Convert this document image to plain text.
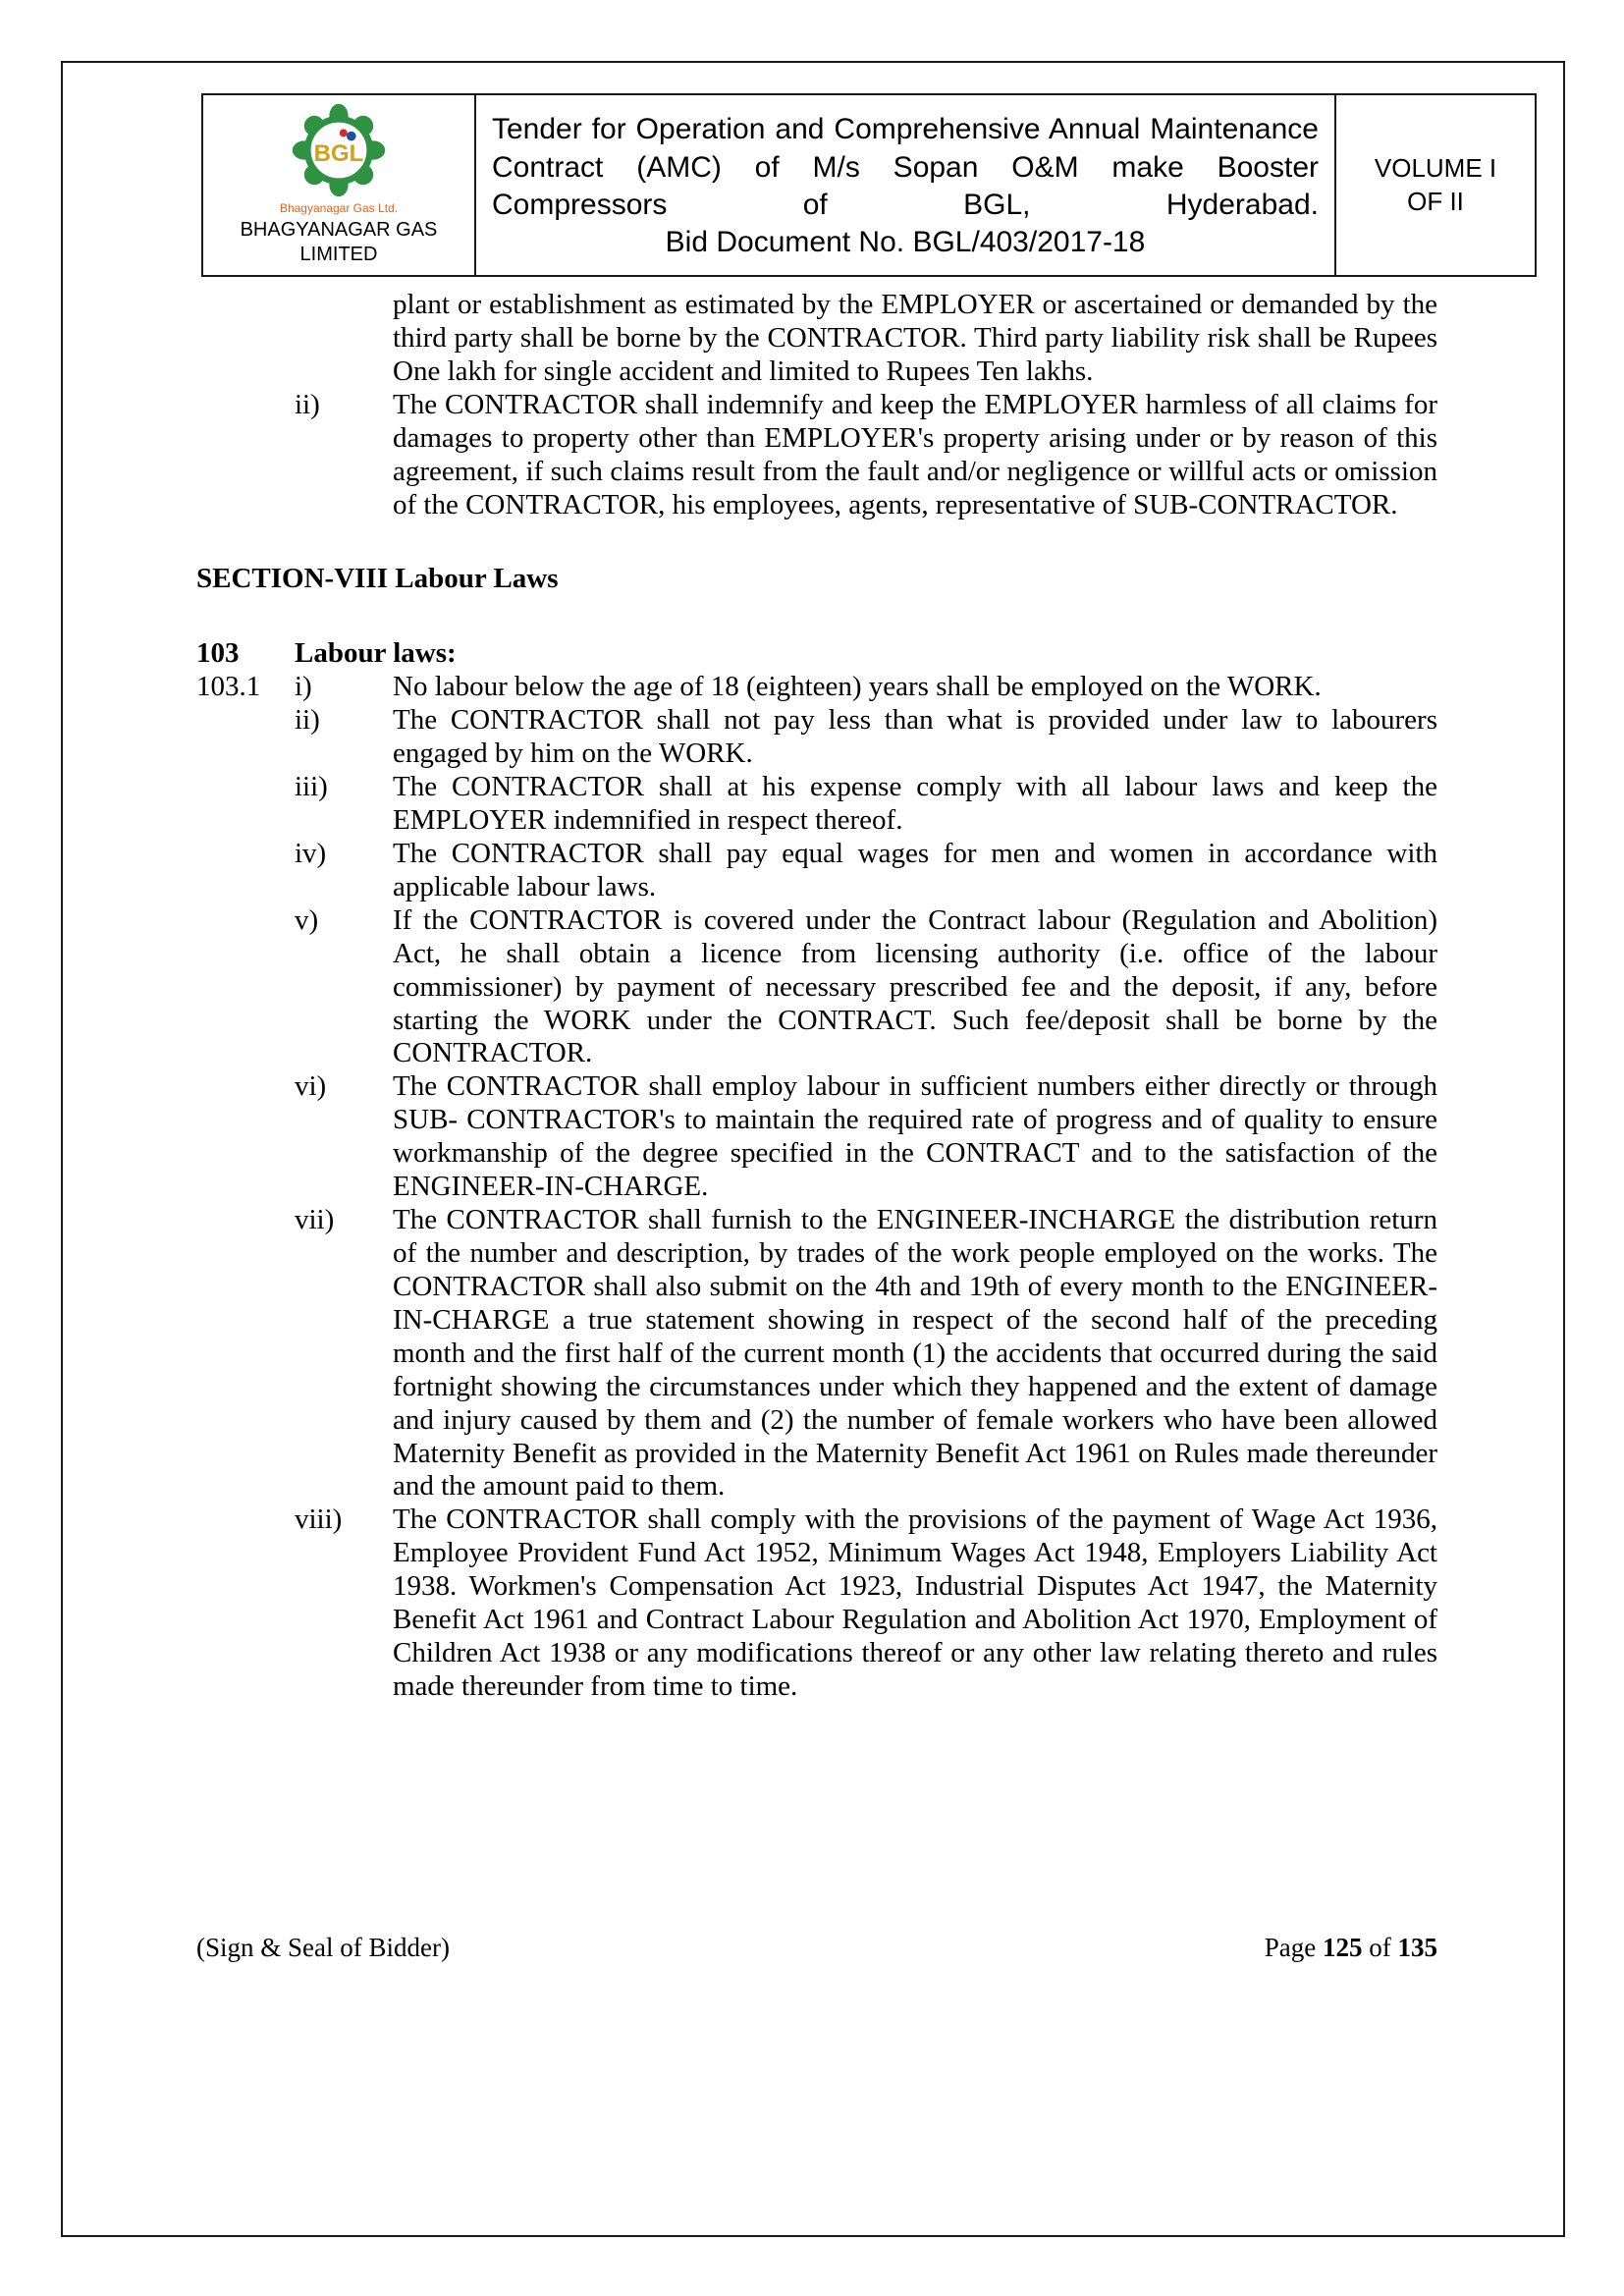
BGL
Bhagyanagar Gas Ltd.
BHAGYANAGAR GAS LIMITED

Tender for Operation and Comprehensive Annual Maintenance Contract (AMC) of M/s Sopan O&M make Booster Compressors of BGL, Hyderabad.
Bid Document No. BGL/403/2017-18

VOLUME I
OF II
plant or establishment as estimated by the EMPLOYER or ascertained or demanded by the third party shall be borne by the CONTRACTOR. Third party liability risk shall be Rupees One lakh for single accident and limited to Rupees Ten lakhs.
ii)	The CONTRACTOR shall indemnify and keep the EMPLOYER harmless of all claims for damages to property other than EMPLOYER's property arising under or by reason of this agreement, if such claims result from the fault and/or negligence or willful acts or omission of the CONTRACTOR, his employees, agents, representative of SUB-CONTRACTOR.
SECTION-VIII Labour Laws
103	Labour laws:
103.1	i)	No labour below the age of 18 (eighteen) years shall be employed on the WORK.
ii)	The CONTRACTOR shall not pay less than what is provided under law to labourers engaged by him on the WORK.
iii)	The CONTRACTOR shall at his expense comply with all labour laws and keep the EMPLOYER indemnified in respect thereof.
iv)	The CONTRACTOR shall pay equal wages for men and women in accordance with applicable labour laws.
v)	If the CONTRACTOR is covered under the Contract labour (Regulation and Abolition) Act, he shall obtain a licence from licensing authority (i.e. office of the labour commissioner) by payment of necessary prescribed fee and the deposit, if any, before starting the WORK under the CONTRACT. Such fee/deposit shall be borne by the CONTRACTOR.
vi)	The CONTRACTOR shall employ labour in sufficient numbers either directly or through SUB- CONTRACTOR's to maintain the required rate of progress and of quality to ensure workmanship of the degree specified in the CONTRACT and to the satisfaction of the ENGINEER-IN-CHARGE.
vii)	The CONTRACTOR shall furnish to the ENGINEER-INCHARGE the distribution return of the number and description, by trades of the work people employed on the works. The CONTRACTOR shall also submit on the 4th and 19th of every month to the ENGINEER-IN-CHARGE a true statement showing in respect of the second half of the preceding month and the first half of the current month (1) the accidents that occurred during the said fortnight showing the circumstances under which they happened and the extent of damage and injury caused by them and (2) the number of female workers who have been allowed Maternity Benefit as provided in the Maternity Benefit Act 1961 on Rules made thereunder and the amount paid to them.
viii)	The CONTRACTOR shall comply with the provisions of the payment of Wage Act 1936, Employee Provident Fund Act 1952, Minimum Wages Act 1948, Employers Liability Act 1938. Workmen's Compensation Act 1923, Industrial Disputes Act 1947, the Maternity Benefit Act 1961 and Contract Labour Regulation and Abolition Act 1970, Employment of Children Act 1938 or any modifications thereof or any other law relating thereto and rules made thereunder from time to time.
(Sign & Seal of Bidder)	Page 125 of 135
